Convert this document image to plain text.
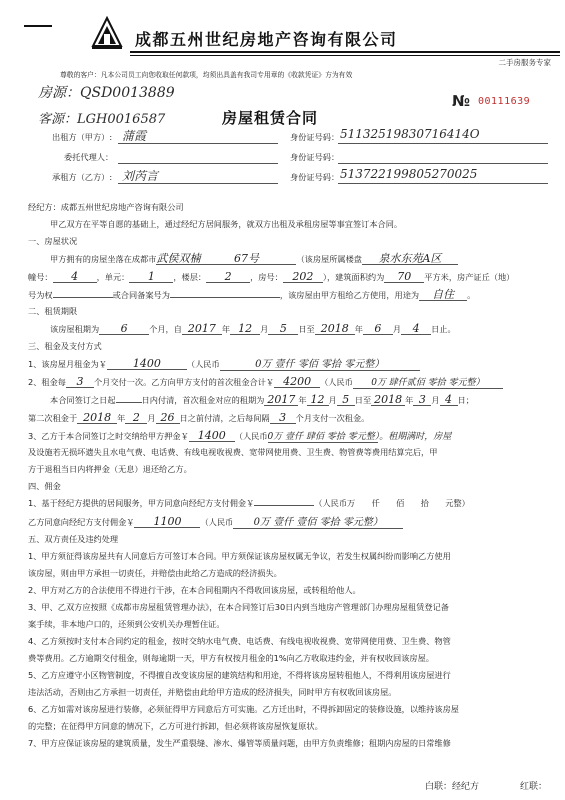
成都五州世纪房地产咨询有限公司
二手房服务专家
尊敬的客户：凡本公司员工向您收取任何款项，均须出具盖有我司专用章的《收款凭证》方为有效
房源：QSD0013889
客源：LGH0016587
№ 00111639
房屋租赁合同
出租方（甲方）: 蒲霞	身份证号码： 51132519830716414O
委托代理人：	身份证号码：
承租方（乙方）: 刘芮言	身份证号码： 513722199805270025
经纪方：成都五州世纪房地产咨询有限公司
甲乙双方在平等自愿的基础上，通过经纪方居间服务，就双方出租及承租房屋等事宜签订本合同。
一、房屋状况
甲方拥有的房屋坐落在成都市武侯双楠	67号	（该房屋所属楼盘 泉水东苑A区
幢号： 4 ，单元： 1 ，楼层： 2 ，房号： 202 ），建筑面积约为 70 平方米，房产证丘（地）
号为权	或合同备案号为	，该房屋由甲方租给乙方使用，用途为 自住 。
二、租赁期限
该房屋租期为 6	个月，自 2017 年 12 月 5 日至 2018 年 6 月 4 日止。
三、租金及支付方式
1、该房屋月租金为￥ 1400	（人民币	0万 壹仟 零佰 零拾 零元整）
2、租金每 3 个月交付一次。乙方向甲方支付的首次租金合计￥ 4200 （人民币 0万 肆仟贰佰 零拾 零元整）
本合同签订之日起	日内付清，首次租金对应的租期为 2017 年 12 月 5 日至 2018 年 3 月 4 日；
第二次租金于 2018 年 2 月 26 日之前付清，之后每间隔 3 个月支付一次租金。
3、乙方于本合同签订之时交纳给甲方押金￥ 1400 （人民币0万 壹仟 肆佰 零拾 零元整）。租期满时，房屋
及设施若无损坏遗失且水电气费、电话费、有线电视收视费、宽带网使用费、卫生费、物管费等费用结算完后，甲
方于退租当日内将押金（无息）退还给乙方。
四、佣金
1、基于经纪方提供的居间服务，甲方同意向经纪方支付佣金￥	（人民币万　　仟　　佰　　拾　　元整）
乙方同意向经纪方支付佣金￥ 1100 （人民币 0万 壹仟 壹佰 零拾 零元整）
五、双方责任及违约处理
1、甲方须征得该房屋共有人同意后方可签订本合同。甲方须保证该房屋权属无争议，若发生权属纠纷而影响乙方使用
该房屋，则由甲方承担一切责任，并赔偿由此给乙方造成的经济损失。
2、甲方对乙方的合法使用不得进行干涉，在本合同租期内不得收回该房屋，或转租给他人。
3、甲、乙双方应按照《成都市房屋租赁管理办法》，在本合同签订后30日内到当地房产管理部门办理房屋租赁登记备
案手续，非本地户口的，还须到公安机关办理暂住证。
4、乙方须按时支付本合同约定的租金，按时交纳水电气费、电话费、有线电视收视费、宽带网使用费、卫生费、物管
费等费用。乙方逾期交付租金，则每逾期一天，甲方有权按月租金的1%向乙方收取违约金，并有权收回该房屋。
5、乙方应遵守小区物管制度，不得擅自改变该房屋的建筑结构和用途，不得将该房屋转租他人，不得利用该房屋进行
违法活动，否则由乙方承担一切责任，并赔偿由此给甲方造成的经济损失，同时甲方有权收回该房屋。
6、乙方如需对该房屋进行装修，必须征得甲方同意后方可实施。乙方迁出时，不得拆卸固定的装修设施，以维持该房屋
的完整；在征得甲方同意的情况下，乙方可进行拆卸，但必须将该房屋恢复原状。
7、甲方应保证该房屋的建筑质量，发生严重裂缝、渗水、爆管等质量问题，由甲方负责维修；租期内房屋的日常维修
白联：经纪方	红联：
